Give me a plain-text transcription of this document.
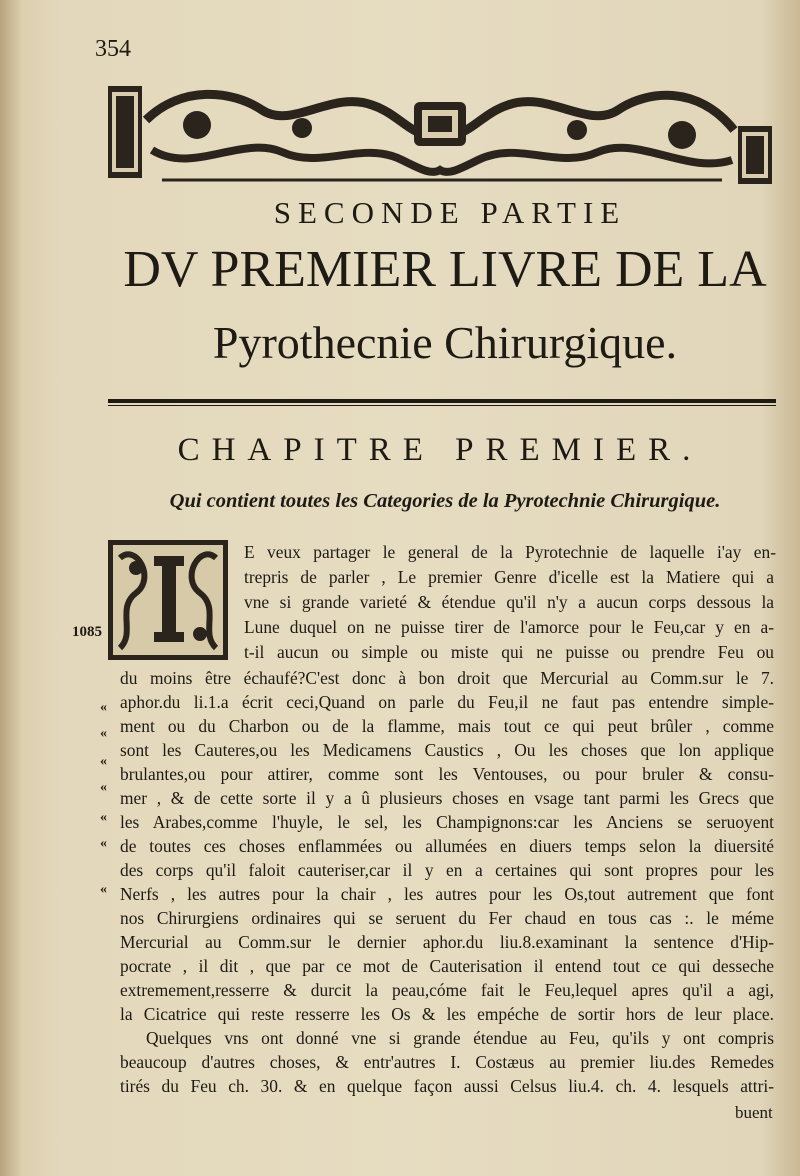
354
SECONDE PARTIE
DV PREMIER LIVRE DE LA
Pyrothecnie Chirurgique.
CHAPITRE PREMIER.
Qui contient toutes les Categories de la Pyrotechnie Chirurgique.
1085
E veux partager le general de la Pyrotechnie de laquelle i'ay en-
trepris de parler , Le premier Genre d'icelle est la Matiere qui a
vne si grande varieté & étendue qu'il n'y a aucun corps dessous la
Lune duquel on ne puisse tirer de l'amorce pour le Feu,car y en a-
t-il aucun ou simple ou miste qui ne puisse ou prendre Feu ou
du moins être échaufé?C'est donc à bon droit que Mercurial au Comm.sur le 7.
aphor.du li.1.a écrit ceci,Quand on parle du Feu,il ne faut pas entendre simple-
ment ou du Charbon ou de la flamme, mais tout ce qui peut brûler , comme
sont les Cauteres,ou les Medicamens Caustics , Ou les choses que lon applique
brulantes,ou pour attirer, comme sont les Ventouses, ou pour bruler & consu-
mer , & de cette sorte il y a û plusieurs choses en vsage tant parmi les Grecs que
les Arabes,comme l'huyle, le sel, les Champignons:car les Anciens se seruoyent
de toutes ces choses enflammées ou allumées en diuers temps selon la diuersité
des corps qu'il faloit cauteriser,car il y en a certaines qui sont propres pour les
Nerfs , les autres pour la chair , les autres pour les Os,tout autrement que font
nos Chirurgiens ordinaires qui se seruent du Fer chaud en tous cas :. le méme
Mercurial au Comm.sur le dernier aphor.du liu.8.examinant la sentence d'Hip-
pocrate , il dit , que par ce mot de Cauterisation il entend tout ce qui desseche
extremement,resserre & durcit la peau,cóme fait le Feu,lequel apres qu'il a agi,
la Cicatrice qui reste resserre les Os & les empéche de sortir hors de leur place.
Quelques vns ont donné vne si grande étendue au Feu, qu'ils y ont compris
beaucoup d'autres choses, & entr'autres I. Costæus au premier liu.des Remedes
tirés du Feu ch. 30. & en quelque façon aussi Celsus liu.4. ch. 4. lesquels attri-
«
«
«
«
«
«
«
buent
